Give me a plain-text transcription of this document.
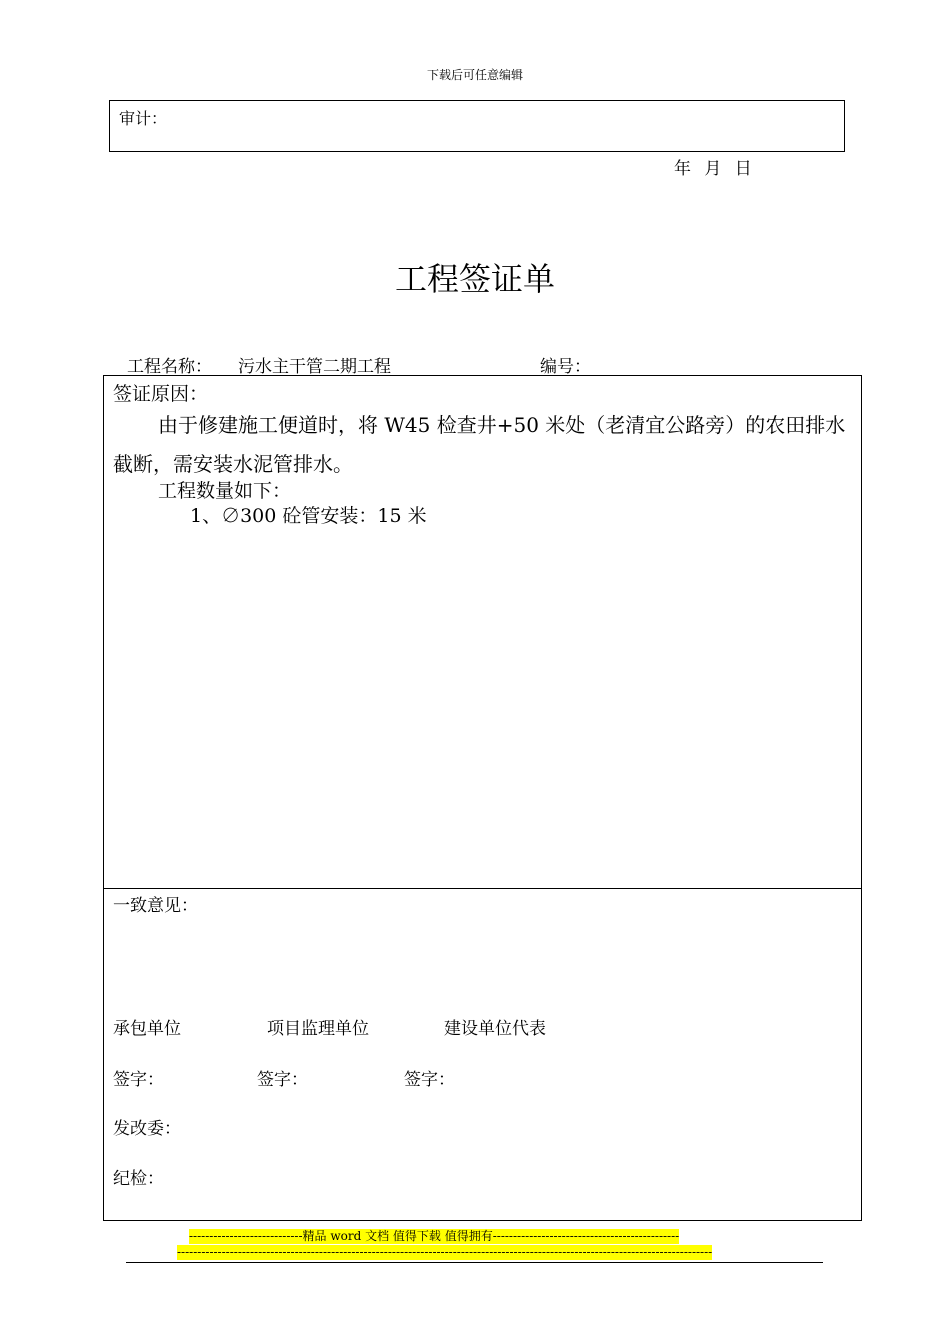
下载后可任意编辑
审计：
年 月 日
工程签证单
工程名称： 污水主干管二期工程	编号：
签证原因：
由于修建施工便道时，将 W45 检查井+50 米处（老清宜公路旁）的农田排水截断，需安装水泥管排水。
工程数量如下：
1、∅300 砼管安装：15 米
一致意见：
承包单位	项目监理单位	建设单位代表
签字：	签字：	签字：
发改委：
纪检：
----------------------------精品 word 文档 值得下载 值得拥有----------------------------------------------
------------------------------------------------------------------------------------------------------------------------------------
